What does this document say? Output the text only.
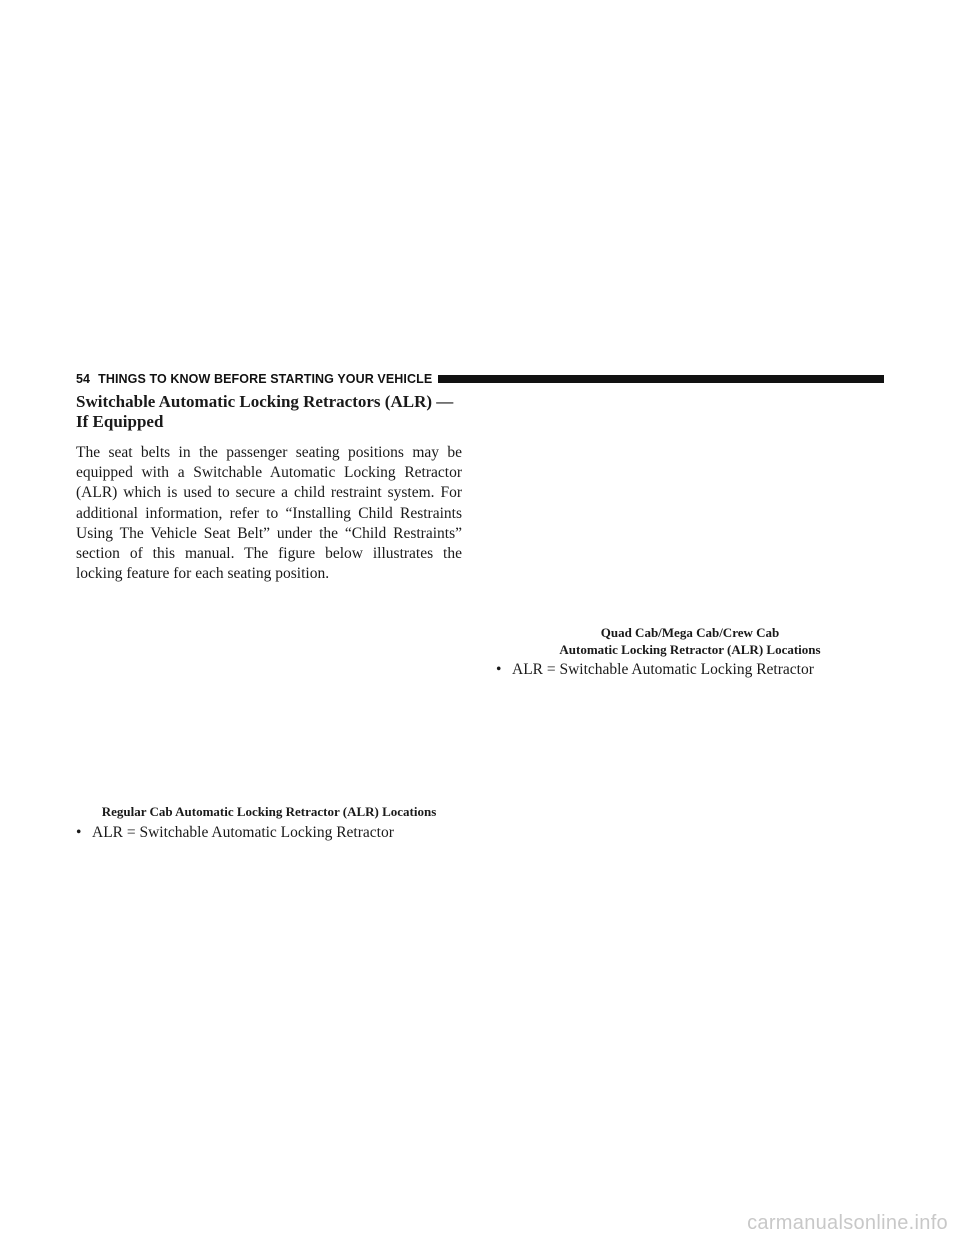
54 THINGS TO KNOW BEFORE STARTING YOUR VEHICLE
Switchable Automatic Locking Retractors (ALR) —
If Equipped

The seat belts in the passenger seating positions may be equipped with a Switchable Automatic Locking Retractor (ALR) which is used to secure a child restraint system. For additional information, refer to “Installing Child Restraints Using The Vehicle Seat Belt” under the “Child Restraints” section of this manual. The figure below illustrates the locking feature for each seating position.

Regular Cab Automatic Locking Retractor (ALR) Locations
• ALR = Switchable Automatic Locking Retractor
Quad Cab/Mega Cab/Crew Cab
Automatic Locking Retractor (ALR) Locations
• ALR = Switchable Automatic Locking Retractor
carmanualsonline.info
